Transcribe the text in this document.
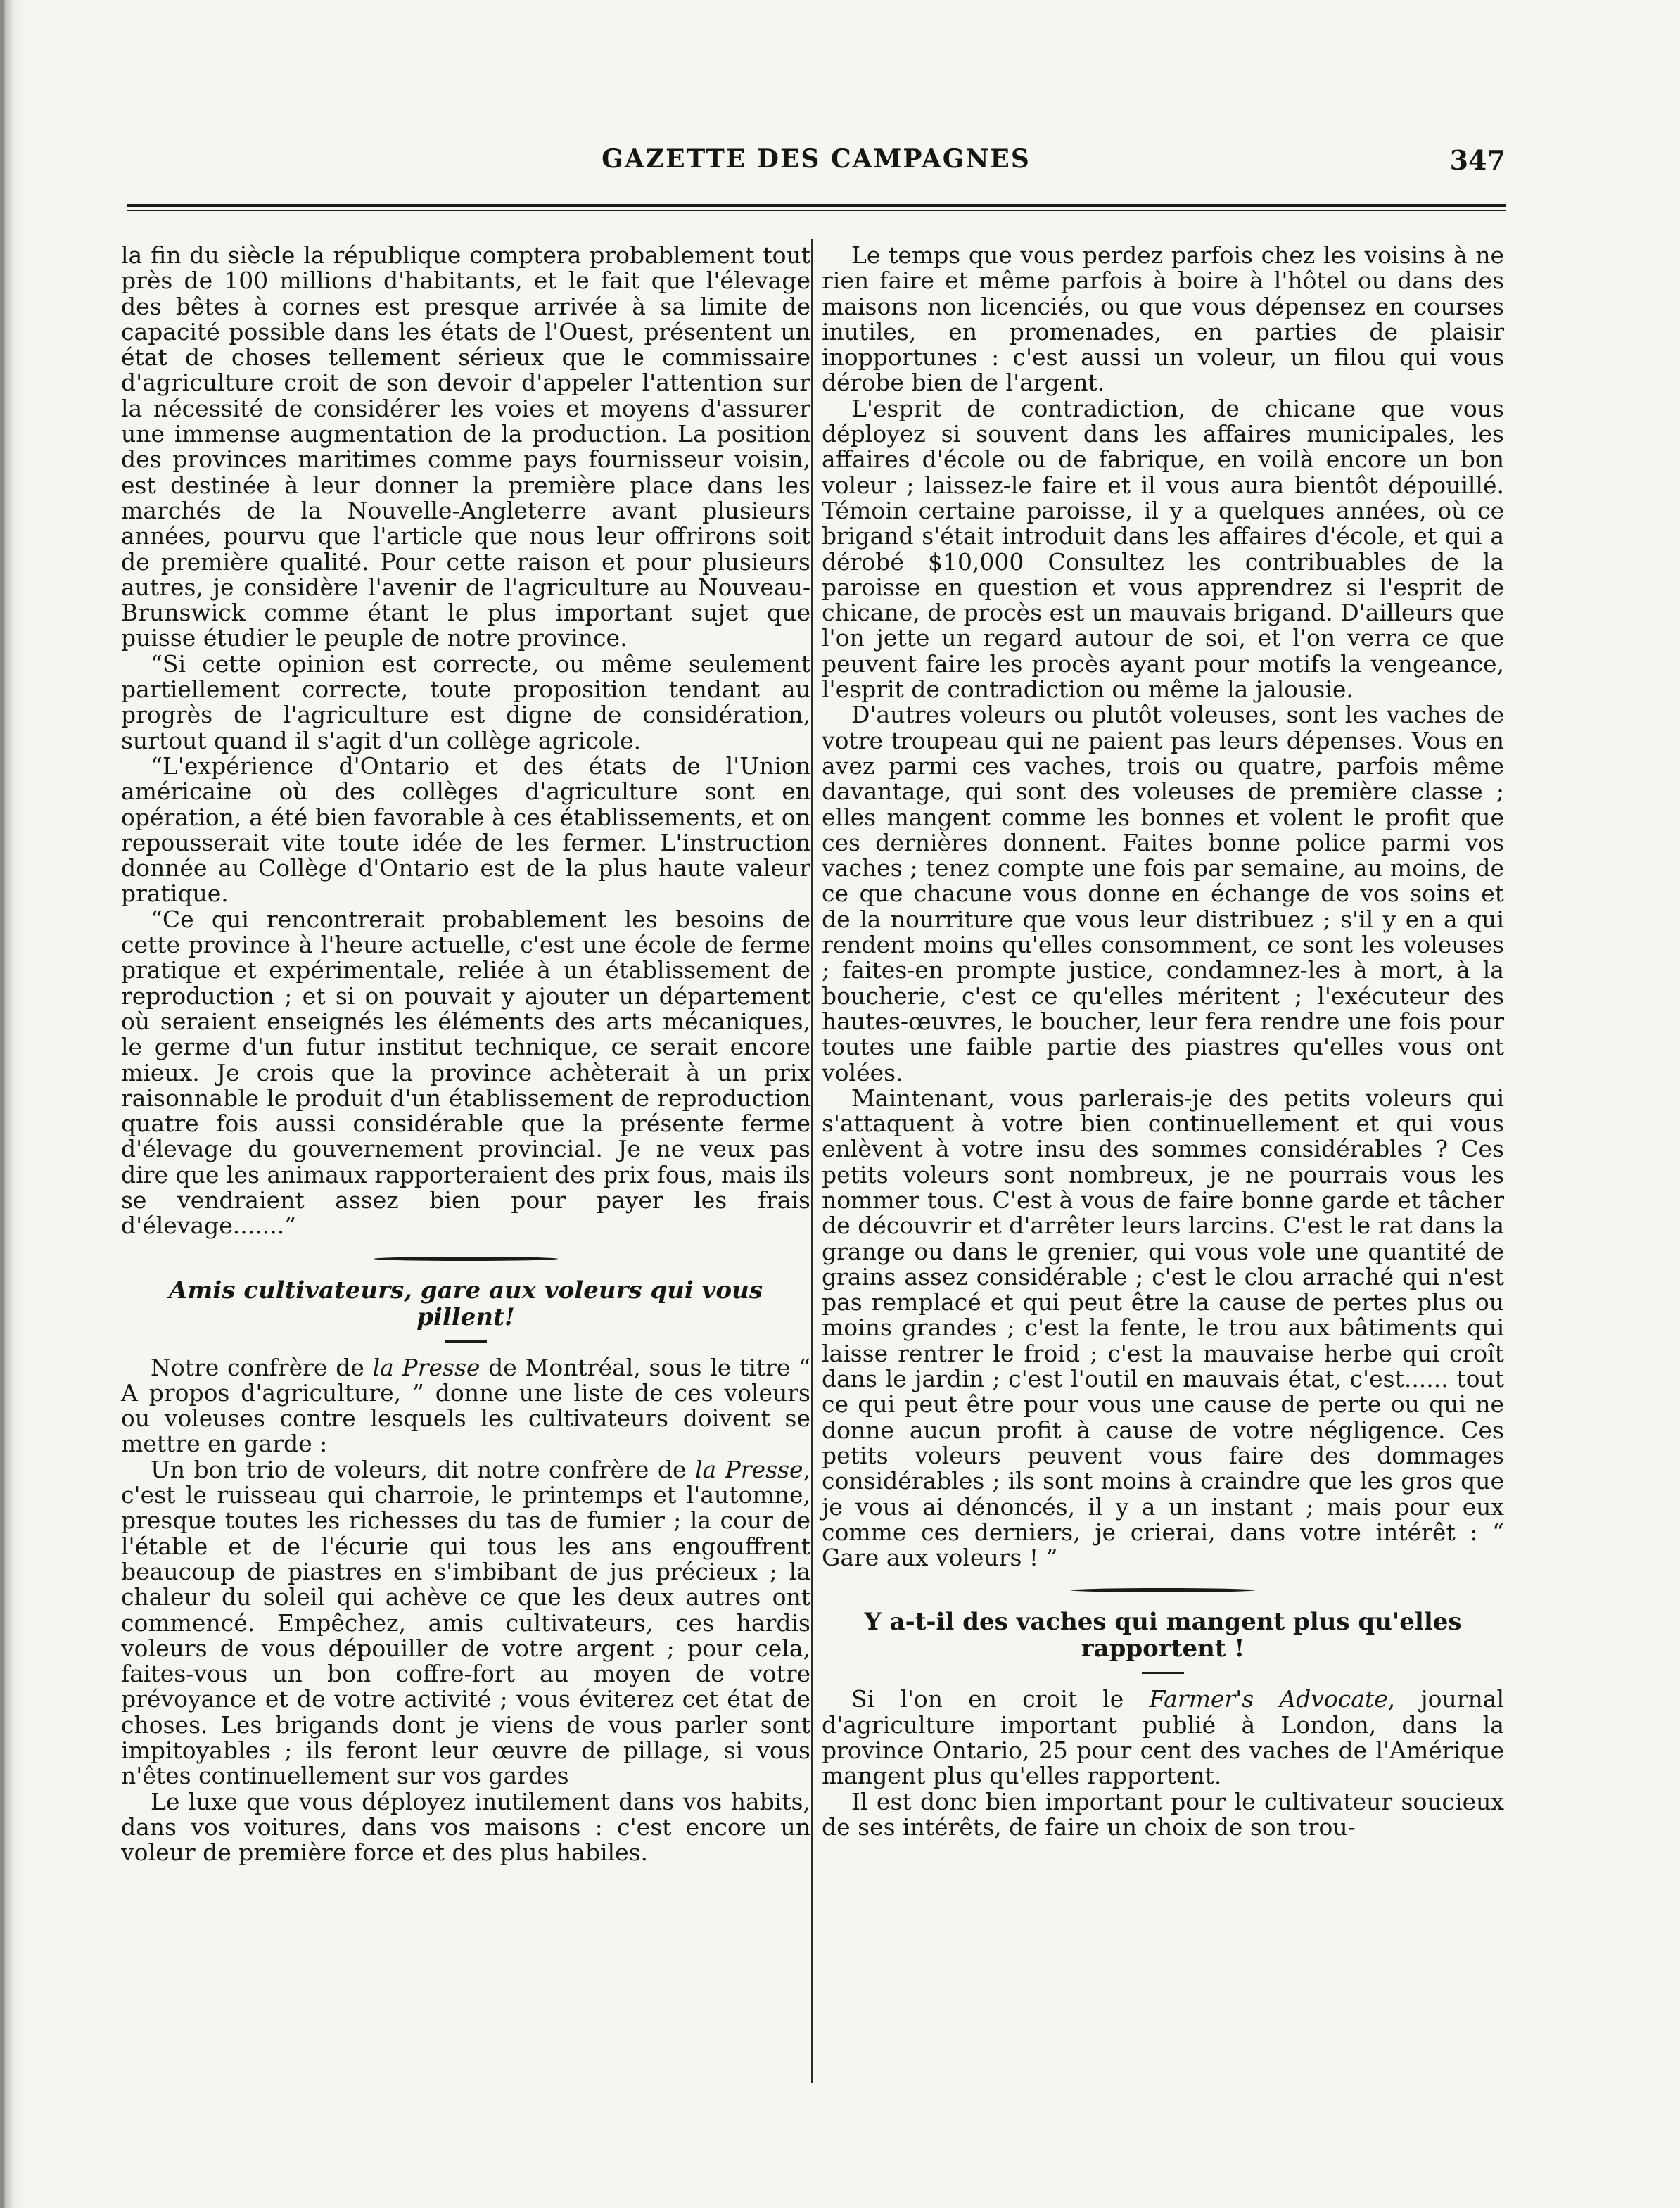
GAZETTE DES CAMPAGNES	347

la fin du siècle la république comptera probablement tout près de 100 millions d'habitants, et le fait que l'élevage des bêtes à cornes est presque arrivée à sa limite de capacité possible dans les états de l'Ouest, présentent un état de choses tellement sérieux que le commissaire d'agriculture croit de son devoir d'appeler l'attention sur la nécessité de considérer les voies et moyens d'assurer une immense augmentation de la production. La position des provinces maritimes comme pays fournisseur voisin, est destinée à leur donner la première place dans les marchés de la Nouvelle-Angleterre avant plusieurs années, pourvu que l'article que nous leur offrirons soit de première qualité. Pour cette raison et pour plusieurs autres, je considère l'avenir de l'agriculture au Nouveau-Brunswick comme étant le plus important sujet que puisse étudier le peuple de notre province.

“Si cette opinion est correcte, ou même seulement partiellement correcte, toute proposition tendant au progrès de l'agriculture est digne de considération, surtout quand il s'agit d'un collège agricole.

“L'expérience d'Ontario et des états de l'Union américaine où des collèges d'agriculture sont en opération, a été bien favorable à ces établissements, et on repousserait vite toute idée de les fermer. L'instruction donnée au Collège d'Ontario est de la plus haute valeur pratique.

“Ce qui rencontrerait probablement les besoins de cette province à l'heure actuelle, c'est une école de ferme pratique et expérimentale, reliée à un établissement de reproduction ; et si on pouvait y ajouter un département où seraient enseignés les éléments des arts mécaniques, le germe d'un futur institut technique, ce serait encore mieux. Je crois que la province achèterait à un prix raisonnable le produit d'un établissement de reproduction quatre fois aussi considérable que la présente ferme d'élevage du gouvernement provincial. Je ne veux pas dire que les animaux rapporteraient des prix fous, mais ils se vendraient assez bien pour payer les frais d'élevage.......”

Amis cultivateurs, gare aux voleurs qui vous pillent!

Notre confrère de la Presse de Montréal, sous le titre “ A propos d'agriculture, ” donne une liste de ces voleurs ou voleuses contre lesquels les cultivateurs doivent se mettre en garde :

Un bon trio de voleurs, dit notre confrère de la Presse, c'est le ruisseau qui charroie, le printemps et l'automne, presque toutes les richesses du tas de fumier ; la cour de l'étable et de l'écurie qui tous les ans engouffrent beaucoup de piastres en s'imbibant de jus précieux ; la chaleur du soleil qui achève ce que les deux autres ont commencé. Empêchez, amis cultivateurs, ces hardis voleurs de vous dépouiller de votre argent ; pour cela, faites-vous un bon coffre-fort au moyen de votre prévoyance et de votre activité ; vous éviterez cet état de choses. Les brigands dont je viens de vous parler sont impitoyables ; ils feront leur œuvre de pillage, si vous n'êtes continuellement sur vos gardes

Le luxe que vous déployez inutilement dans vos habits, dans vos voitures, dans vos maisons : c'est encore un voleur de première force et des plus habiles.

Le temps que vous perdez parfois chez les voisins à ne rien faire et même parfois à boire à l'hôtel ou dans des maisons non licenciés, ou que vous dépensez en courses inutiles, en promenades, en parties de plaisir inopportunes : c'est aussi un voleur, un filou qui vous dérobe bien de l'argent.

L'esprit de contradiction, de chicane que vous déployez si souvent dans les affaires municipales, les affaires d'école ou de fabrique, en voilà encore un bon voleur ; laissez-le faire et il vous aura bientôt dépouillé. Témoin certaine paroisse, il y a quelques années, où ce brigand s'était introduit dans les affaires d'école, et qui a dérobé $10,000 Consultez les contribuables de la paroisse en question et vous apprendrez si l'esprit de chicane, de procès est un mauvais brigand. D'ailleurs que l'on jette un regard autour de soi, et l'on verra ce que peuvent faire les procès ayant pour motifs la vengeance, l'esprit de contradiction ou même la jalousie.

D'autres voleurs ou plutôt voleuses, sont les vaches de votre troupeau qui ne paient pas leurs dépenses. Vous en avez parmi ces vaches, trois ou quatre, parfois même davantage, qui sont des voleuses de première classe ; elles mangent comme les bonnes et volent le profit que ces dernières donnent. Faites bonne police parmi vos vaches ; tenez compte une fois par semaine, au moins, de ce que chacune vous donne en échange de vos soins et de la nourriture que vous leur distribuez ; s'il y en a qui rendent moins qu'elles consomment, ce sont les voleuses ; faites-en prompte justice, condamnez-les à mort, à la boucherie, c'est ce qu'elles méritent ; l'exécuteur des hautes-œuvres, le boucher, leur fera rendre une fois pour toutes une faible partie des piastres qu'elles vous ont volées.

Maintenant, vous parlerais-je des petits voleurs qui s'attaquent à votre bien continuellement et qui vous enlèvent à votre insu des sommes considérables ? Ces petits voleurs sont nombreux, je ne pourrais vous les nommer tous. C'est à vous de faire bonne garde et tâcher de découvrir et d'arrêter leurs larcins. C'est le rat dans la grange ou dans le grenier, qui vous vole une quantité de grains assez considérable ; c'est le clou arraché qui n'est pas remplacé et qui peut être la cause de pertes plus ou moins grandes ; c'est la fente, le trou aux bâtiments qui laisse rentrer le froid ; c'est la mauvaise herbe qui croît dans le jardin ; c'est l'outil en mauvais état, c'est...... tout ce qui peut être pour vous une cause de perte ou qui ne donne aucun profit à cause de votre négligence. Ces petits voleurs peuvent vous faire des dommages considérables ; ils sont moins à craindre que les gros que je vous ai dénoncés, il y a un instant ; mais pour eux comme ces derniers, je crierai, dans votre intérêt : “ Gare aux voleurs ! ”

Y a-t-il des vaches qui mangent plus qu'elles rapportent !

Si l'on en croit le Farmer's Advocate, journal d'agriculture important publié à London, dans la province Ontario, 25 pour cent des vaches de l'Amérique mangent plus qu'elles rapportent.

Il est donc bien important pour le cultivateur soucieux de ses intérêts, de faire un choix de son trou-
